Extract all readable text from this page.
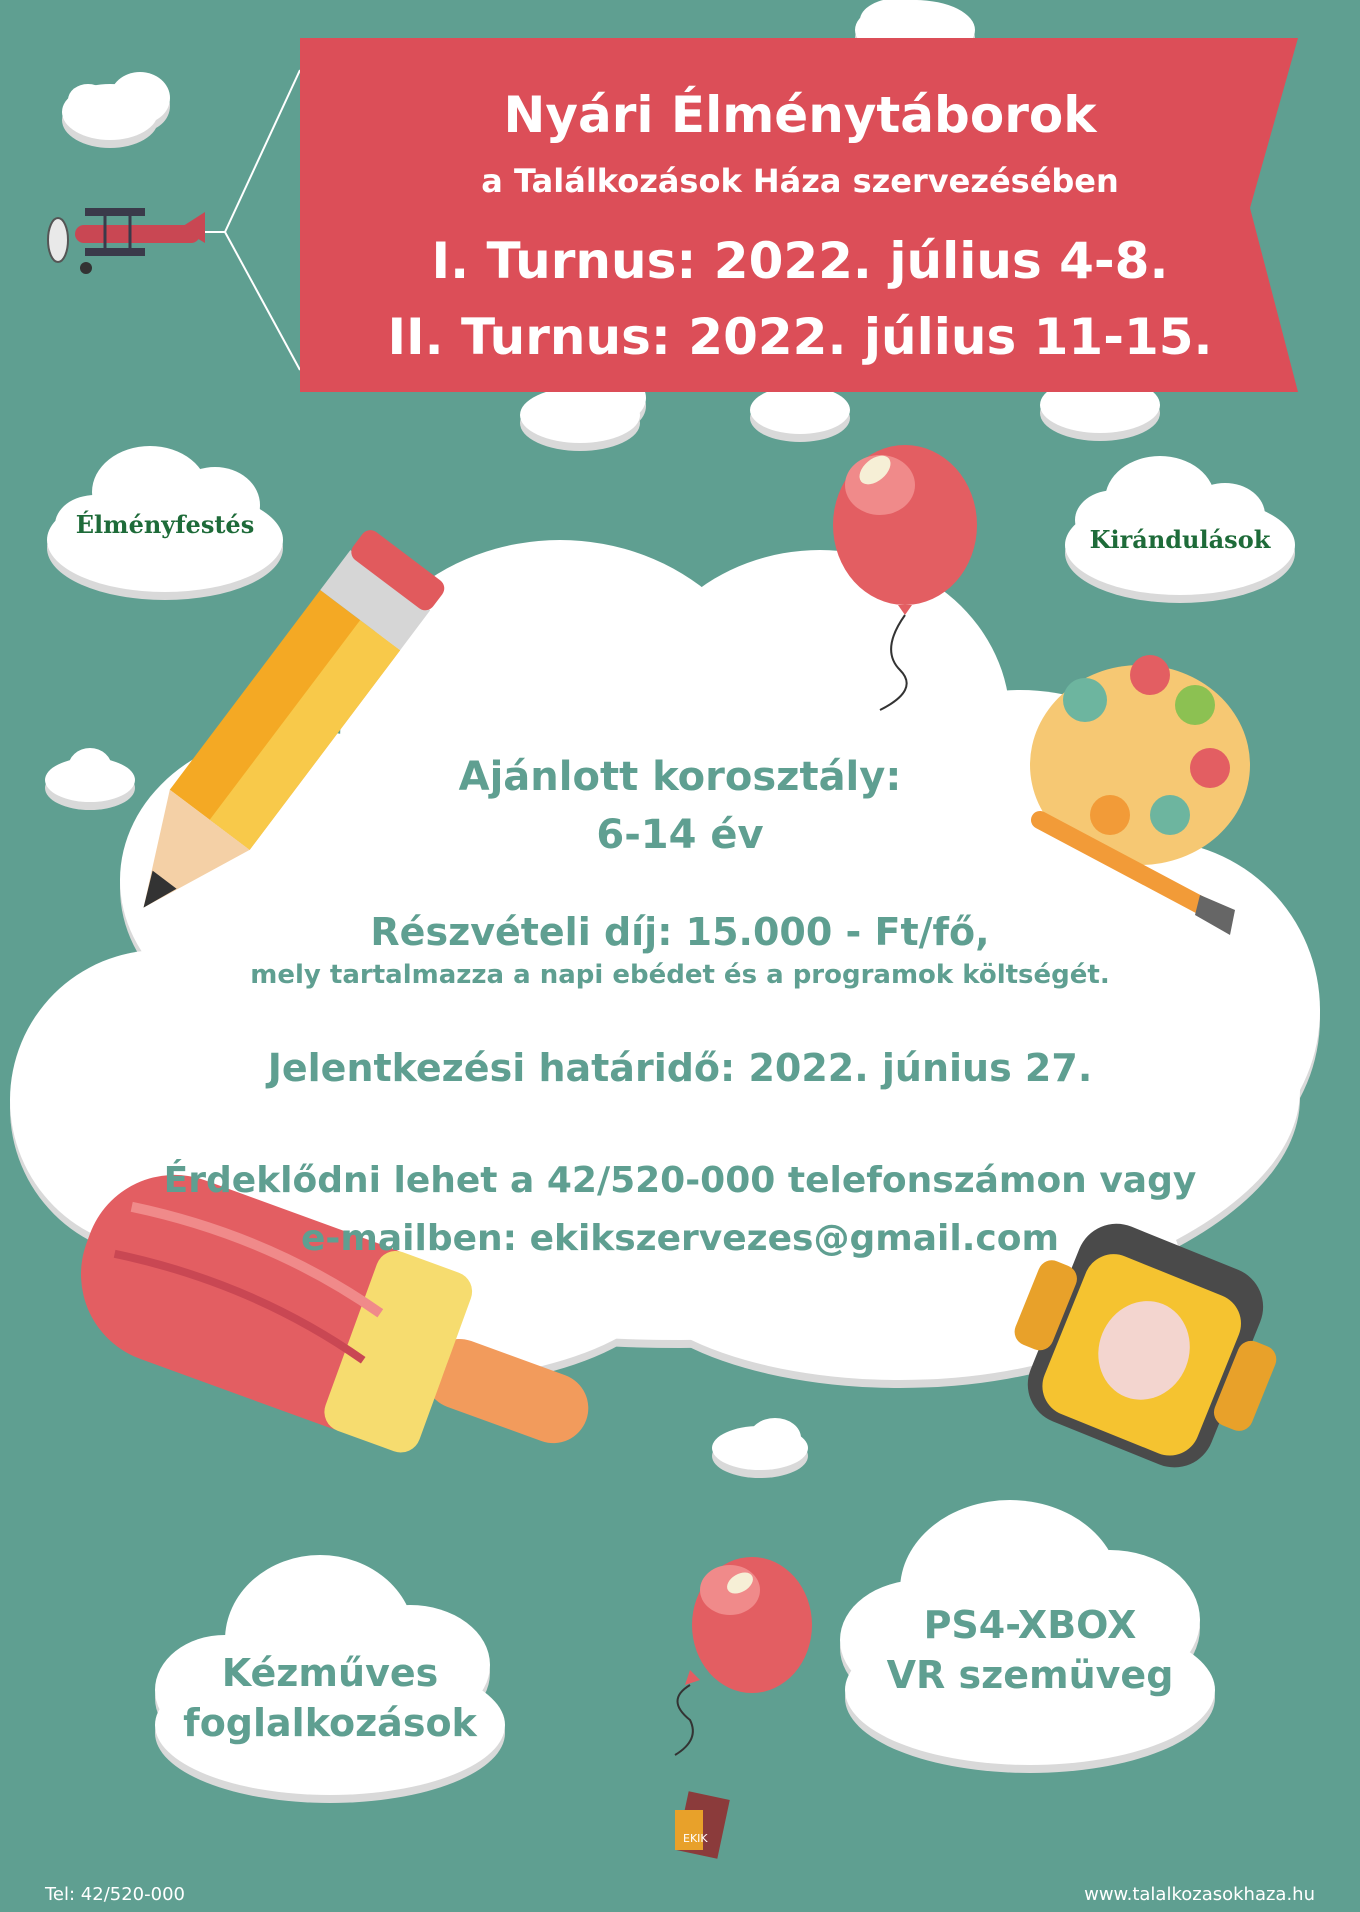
Nyári Élménytáborok
a Találkozások Háza szervezésében
I. Turnus: 2022. július 4-8.
II. Turnus: 2022. július 11-15.
Élményfestés
Kirándulások
Ajánlott korosztály:
6-14 év
Részvételi díj: 15.000 - Ft/fő,
mely tartalmazza a napi ebédet és a programok költségét.
Jelentkezési határidő: 2022. június 27.
Érdeklődni lehet a 42/520-000 telefonszámon vagy
e-mailben: ekikszervezes@gmail.com
Kézműves
foglalkozások
PS4-XBOX
VR szemüveg
EKIK
Tel: 42/520-000	www.talalkozasokhaza.hu
